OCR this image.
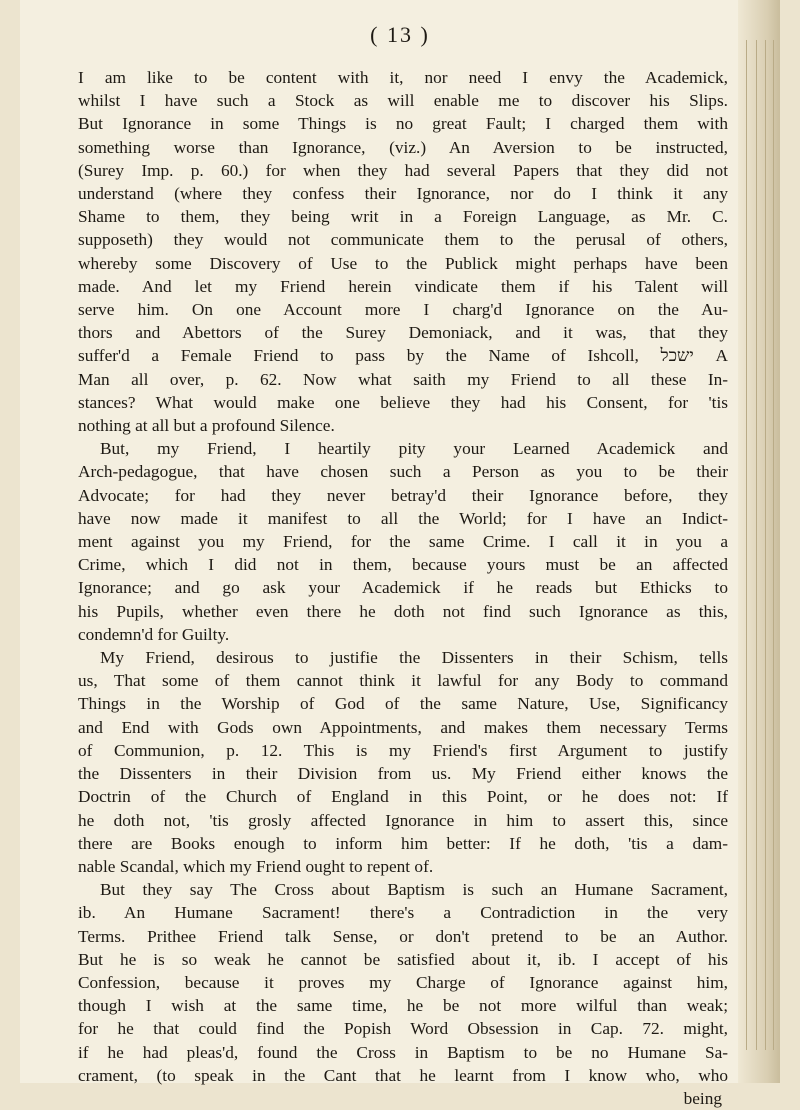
( 13 )

I am like to be content with it, nor need I envy the Academick,
whilst I have such a Stock as will enable me to discover his Slips.
But Ignorance in some Things is no great Fault; I charged them with
something worse than Ignorance, (viz.) An Aversion to be instructed,
(Surey Imp. p. 60.) for when they had several Papers that they did not
understand (where they confess their Ignorance, nor do I think it any
Shame to them, they being writ in a Foreign Language, as Mr. C.
supposeth) they would not communicate them to the perusal of others,
whereby some Discovery of Use to the Publick might perhaps have been
made. And let my Friend herein vindicate them if his Talent will
serve him. On one Account more I charg'd Ignorance on the Au-
thors and Abettors of the Surey Demoniack, and it was, that they
suffer'd a Female Friend to pass by the Name of Ishcoll, ישכל A
Man all over, p. 62. Now what saith my Friend to all these In-
stances? What would make one believe they had his Consent, for 'tis
nothing at all but a profound Silence.

But, my Friend, I heartily pity your Learned Academick and
Arch-pedagogue, that have chosen such a Person as you to be their
Advocate; for had they never betray'd their Ignorance before, they
have now made it manifest to all the World; for I have an Indict-
ment against you my Friend, for the same Crime. I call it in you a
Crime, which I did not in them, because yours must be an affected
Ignorance; and go ask your Academick if he reads but Ethicks to
his Pupils, whether even there he doth not find such Ignorance as this,
condemn'd for Guilty.

My Friend, desirous to justifie the Dissenters in their Schism, tells
us, That some of them cannot think it lawful for any Body to command
Things in the Worship of God of the same Nature, Use, Significancy
and End with Gods own Appointments, and makes them necessary Terms
of Communion, p. 12. This is my Friend's first Argument to justify
the Dissenters in their Division from us. My Friend either knows the
Doctrin of the Church of England in this Point, or he does not: If
he doth not, 'tis grosly affected Ignorance in him to assert this, since
there are Books enough to inform him better: If he doth, 'tis a dam-
nable Scandal, which my Friend ought to repent of.

But they say The Cross about Baptism is such an Humane Sacrament,
ib. An Humane Sacrament! there's a Contradiction in the very
Terms. Prithee Friend talk Sense, or don't pretend to be an Author.
But he is so weak he cannot be satisfied about it, ib. I accept of his
Confession, because it proves my Charge of Ignorance against him,
though I wish at the same time, he be not more wilful than weak;
for he that could find the Popish Word Obsession in Cap. 72. might,
if he had pleas'd, found the Cross in Baptism to be no Humane Sa-
crament, (to speak in the Cant that he learnt from I know who, who

being
